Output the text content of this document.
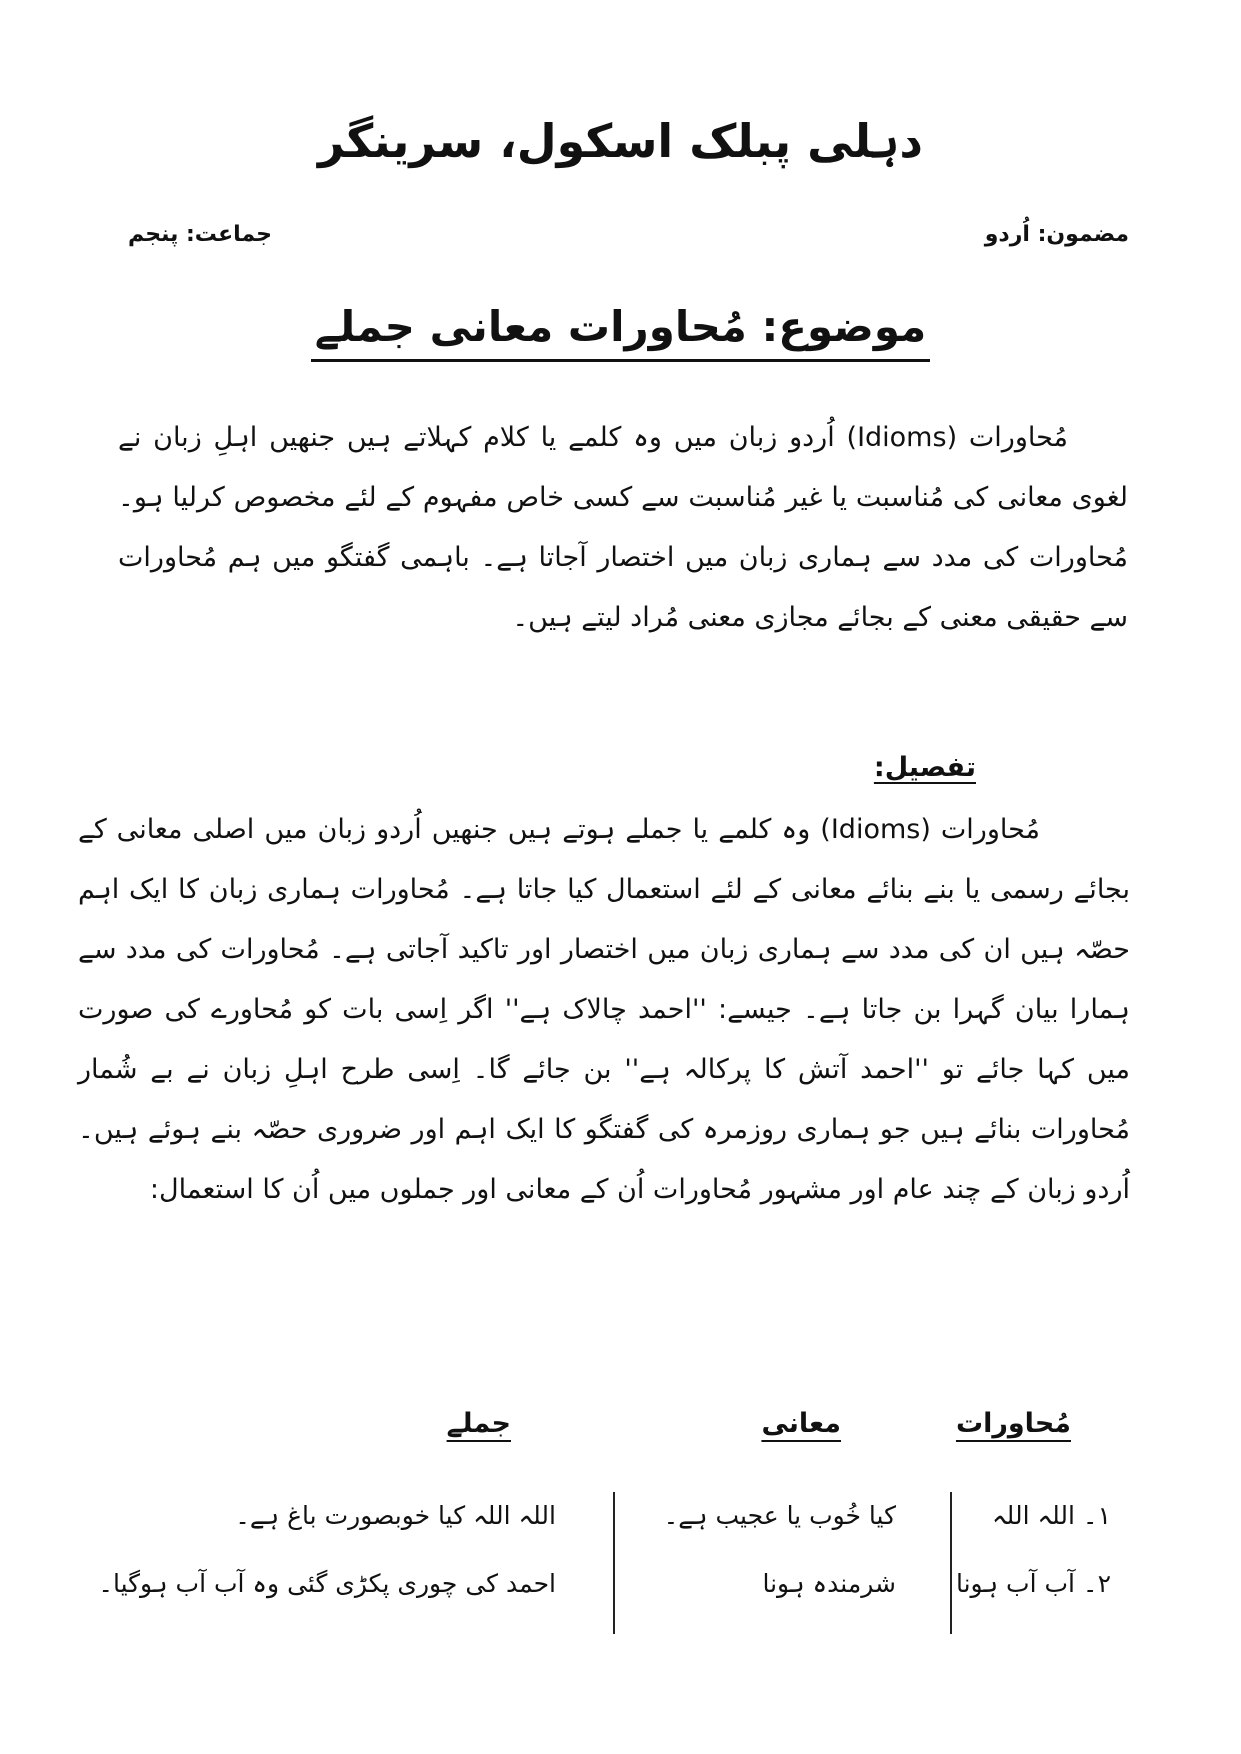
دہلی پبلک اسکول، سرینگر
مضمون: اُردو
جماعت: پنجم
موضوع: مُحاورات معانی جملے

مُحاورات (Idioms) اُردو زبان میں وہ کلمے یا کلام کہلاتے ہیں جنھیں اہلِ زبان نے لغوی معانی کی مُناسبت یا غیر مُناسبت سے کسی خاص مفہوم کے لئے مخصوص کرلیا ہو۔ مُحاورات کی مدد سے ہماری زبان میں اختصار آجاتا ہے۔ باہمی گفتگو میں ہم مُحاورات سے حقیقی معنی کے بجائے مجازی معنی مُراد لیتے ہیں۔

تفصیل:

مُحاورات (Idioms) وہ کلمے یا جملے ہوتے ہیں جنھیں اُردو زبان میں اصلی معانی کے بجائے رسمی یا بنے بنائے معانی کے لئے استعمال کیا جاتا ہے۔ مُحاورات ہماری زبان کا ایک اہم حصّہ ہیں ان کی مدد سے ہماری زبان میں اختصار اور تاکید آجاتی ہے۔ مُحاورات کی مدد سے ہمارا بیان گہرا بن جاتا ہے۔ جیسے: ''احمد چالاک ہے'' اگر اِسی بات کو مُحاورے کی صورت میں کہا جائے تو ''احمد آتش کا پرکالہ ہے'' بن جائے گا۔ اِسی طرح اہلِ زبان نے بے شُمار مُحاورات بنائے ہیں جو ہماری روزمرہ کی گفتگو کا ایک اہم اور ضروری حصّہ بنے ہوئے ہیں۔ اُردو زبان کے چند عام اور مشہور مُحاورات اُن کے معانی اور جملوں میں اُن کا استعمال:

مُحاورات
معانی
جملے
۱۔ اللہ اللہ
کیا خُوب یا عجیب ہے۔
اللہ اللہ کیا خوبصورت باغ ہے۔
۲۔ آب آب ہونا
شرمندہ ہونا
احمد کی چوری پکڑی گئی وہ آب آب ہوگیا۔
